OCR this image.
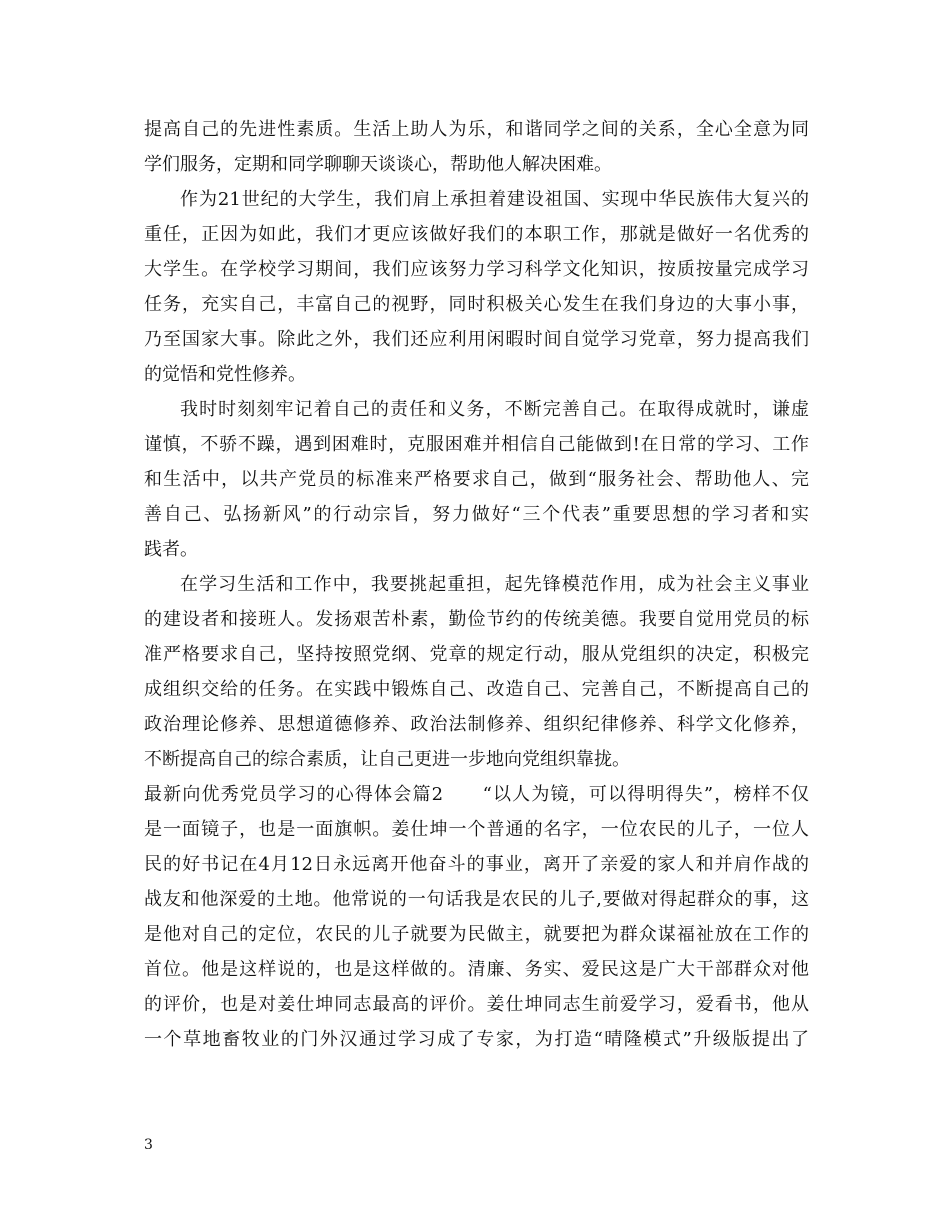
提高自己的先进性素质。生活上助人为乐，和谐同学之间的关系，全心全意为同
学们服务，定期和同学聊聊天谈谈心，帮助他人解决困难。
作为21世纪的大学生，我们肩上承担着建设祖国、实现中华民族伟大复兴的
重任，正因为如此，我们才更应该做好我们的本职工作，那就是做好一名优秀的
大学生。在学校学习期间，我们应该努力学习科学文化知识，按质按量完成学习
任务，充实自己，丰富自己的视野，同时积极关心发生在我们身边的大事小事，
乃至国家大事。除此之外，我们还应利用闲暇时间自觉学习党章，努力提高我们
的觉悟和党性修养。
我时时刻刻牢记着自己的责任和义务，不断完善自己。在取得成就时，谦虚
谨慎，不骄不躁，遇到困难时，克服困难并相信自己能做到!在日常的学习、工作
和生活中，以共产党员的标准来严格要求自己，做到“服务社会、帮助他人、完
善自己、弘扬新风”的行动宗旨，努力做好“三个代表”重要思想的学习者和实
践者。
在学习生活和工作中，我要挑起重担，起先锋模范作用，成为社会主义事业
的建设者和接班人。发扬艰苦朴素，勤俭节约的传统美德。我要自觉用党员的标
准严格要求自己，坚持按照党纲、党章的规定行动，服从党组织的决定，积极完
成组织交给的任务。在实践中锻炼自己、改造自己、完善自己，不断提高自己的
政治理论修养、思想道德修养、政治法制修养、组织纪律修养、科学文化修养，
不断提高自己的综合素质，让自己更进一步地向党组织靠拢。
最新向优秀党员学习的心得体会篇2　　“以人为镜，可以得明得失”，榜样不仅
是一面镜子，也是一面旗帜。姜仕坤一个普通的名字，一位农民的儿子，一位人
民的好书记在4月12日永远离开他奋斗的事业，离开了亲爱的家人和并肩作战的
战友和他深爱的土地。他常说的一句话我是农民的儿子,要做对得起群众的事，这
是他对自己的定位，农民的儿子就要为民做主，就要把为群众谋福祉放在工作的
首位。他是这样说的，也是这样做的。清廉、务实、爱民这是广大干部群众对他
的评价，也是对姜仕坤同志最高的评价。姜仕坤同志生前爱学习，爱看书，他从
一个草地畜牧业的门外汉通过学习成了专家，为打造“晴隆模式”升级版提出了
3
